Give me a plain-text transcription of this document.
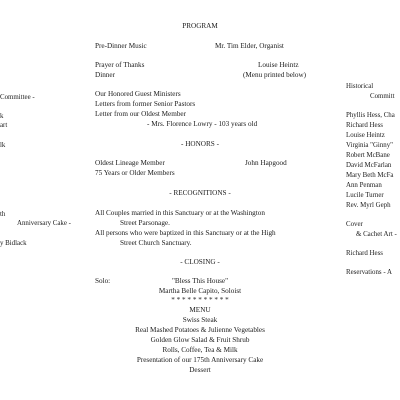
Committee -
k
art
lk
th
Anniversary Cake -
y Bidlack
PROGRAM
Pre-Dinner Music	Mr. Tim Elder, Organist
Prayer of Thanks	Louise Heintz
Dinner	(Menu printed below)
Our Honored Guest Ministers
Letters from former Senior Pastors
Letter from our Oldest Member
- Mrs. Florence Lowry - 103 years old
- HONORS -
Oldest Lineage Member	John Hapgood
75 Years or Older Members
- RECOGNITIONS -
All Couples married in this Sanctuary or at the Washington
Street Parsonage.
All persons who were baptized in this Sanctuary or at the High
Street Church Sanctuary.
- CLOSING -
Solo:	"Bless This House"
Martha Belle Capito, Soloist
* * * * * * * * * * *
MENU
Swiss Steak
Real Mashed Potatoes & Julienne Vegetables
Golden Glow Salad & Fruit Shrub
Rolls, Coffee, Tea & Milk
Presentation of our 175th Anniversary Cake
Dessert
Historical
Committ
Phyllis Hess, Cha
Richard Hess
Louise Heintz
Virginia "Ginny"
Robert McBane
David McFarlan
Mary Beth McFa
Ann Penman
Lucile Turner
Rev. Myrl Geph
Cover
& Cachet Art -
Richard Hess
Reservations - A
